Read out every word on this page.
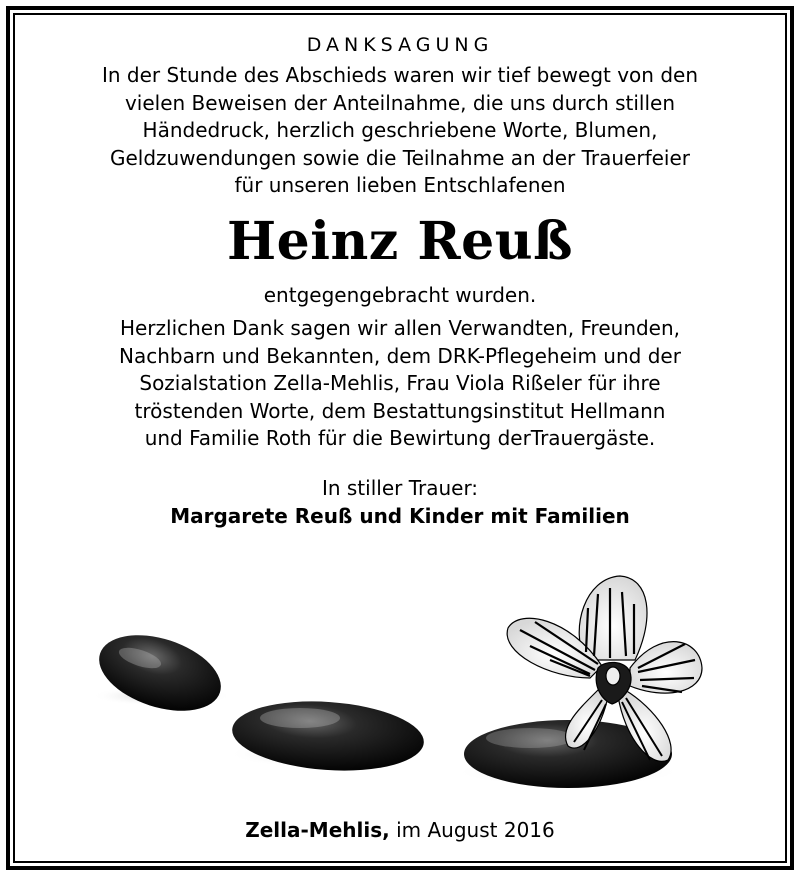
DANKSAGUNG

In der Stunde des Abschieds waren wir tief bewegt von den

vielen Beweisen der Anteilnahme, die uns durch stillen

Händedruck, herzlich geschriebene Worte, Blumen,

Geldzuwendungen sowie die Teilnahme an der Trauerfeier

für unseren lieben Entschlafenen

Heinz Reuß
entgegengebracht wurden.

Herzlichen Dank sagen wir allen Verwandten, Freunden,

Nachbarn und Bekannten, dem DRK-Pflegeheim und der

Sozialstation Zella-Mehlis, Frau Viola Rißeler für ihre

tröstenden Worte, dem Bestattungsinstitut Hellmann

und Familie Roth für die Bewirtung derTrauergäste.

In stiller Trauer:
Margarete Reuß und Kinder mit Familien
Zella-Mehlis, im August 2016
